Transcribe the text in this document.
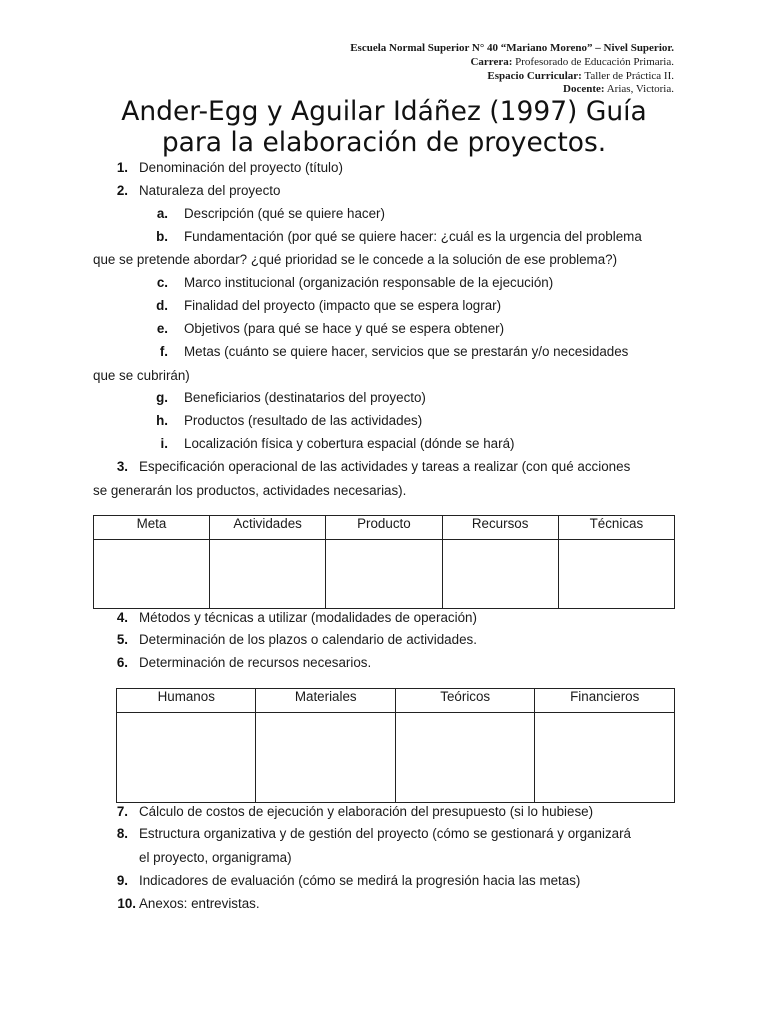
Escuela Normal Superior N° 40 “Mariano Moreno” – Nivel Superior.
Carrera: Profesorado de Educación Primaria.
Espacio Curricular: Taller de Práctica II.
Docente: Arias, Victoria.
Ander-Egg y Aguilar Idáñez (1997) Guía
para la elaboración de proyectos.
1. Denominación del proyecto (título)
2. Naturaleza del proyecto
a. Descripción (qué se quiere hacer)
b. Fundamentación (por qué se quiere hacer: ¿cuál es la urgencia del problema
que se pretende abordar? ¿qué prioridad se le concede a la solución de ese problema?)
c. Marco institucional (organización responsable de la ejecución)
d. Finalidad del proyecto (impacto que se espera lograr)
e. Objetivos (para qué se hace y qué se espera obtener)
f. Metas (cuánto se quiere hacer, servicios que se prestarán y/o necesidades
que se cubrirán)
g. Beneficiarios (destinatarios del proyecto)
h. Productos (resultado de las actividades)
i. Localización física y cobertura espacial (dónde se hará)
3. Especificación operacional de las actividades y tareas a realizar (con qué acciones
se generarán los productos, actividades necesarias).
Meta	Actividades	Producto	Recursos	Técnicas

4. Métodos y técnicas a utilizar (modalidades de operación)
5. Determinación de los plazos o calendario de actividades.
6. Determinación de recursos necesarios.
Humanos	Materiales	Teóricos	Financieros

7. Cálculo de costos de ejecución y elaboración del presupuesto (si lo hubiese)
8. Estructura organizativa y de gestión del proyecto (cómo se gestionará y organizará
el proyecto, organigrama)
9. Indicadores de evaluación (cómo se medirá la progresión hacia las metas)
10. Anexos: entrevistas.
